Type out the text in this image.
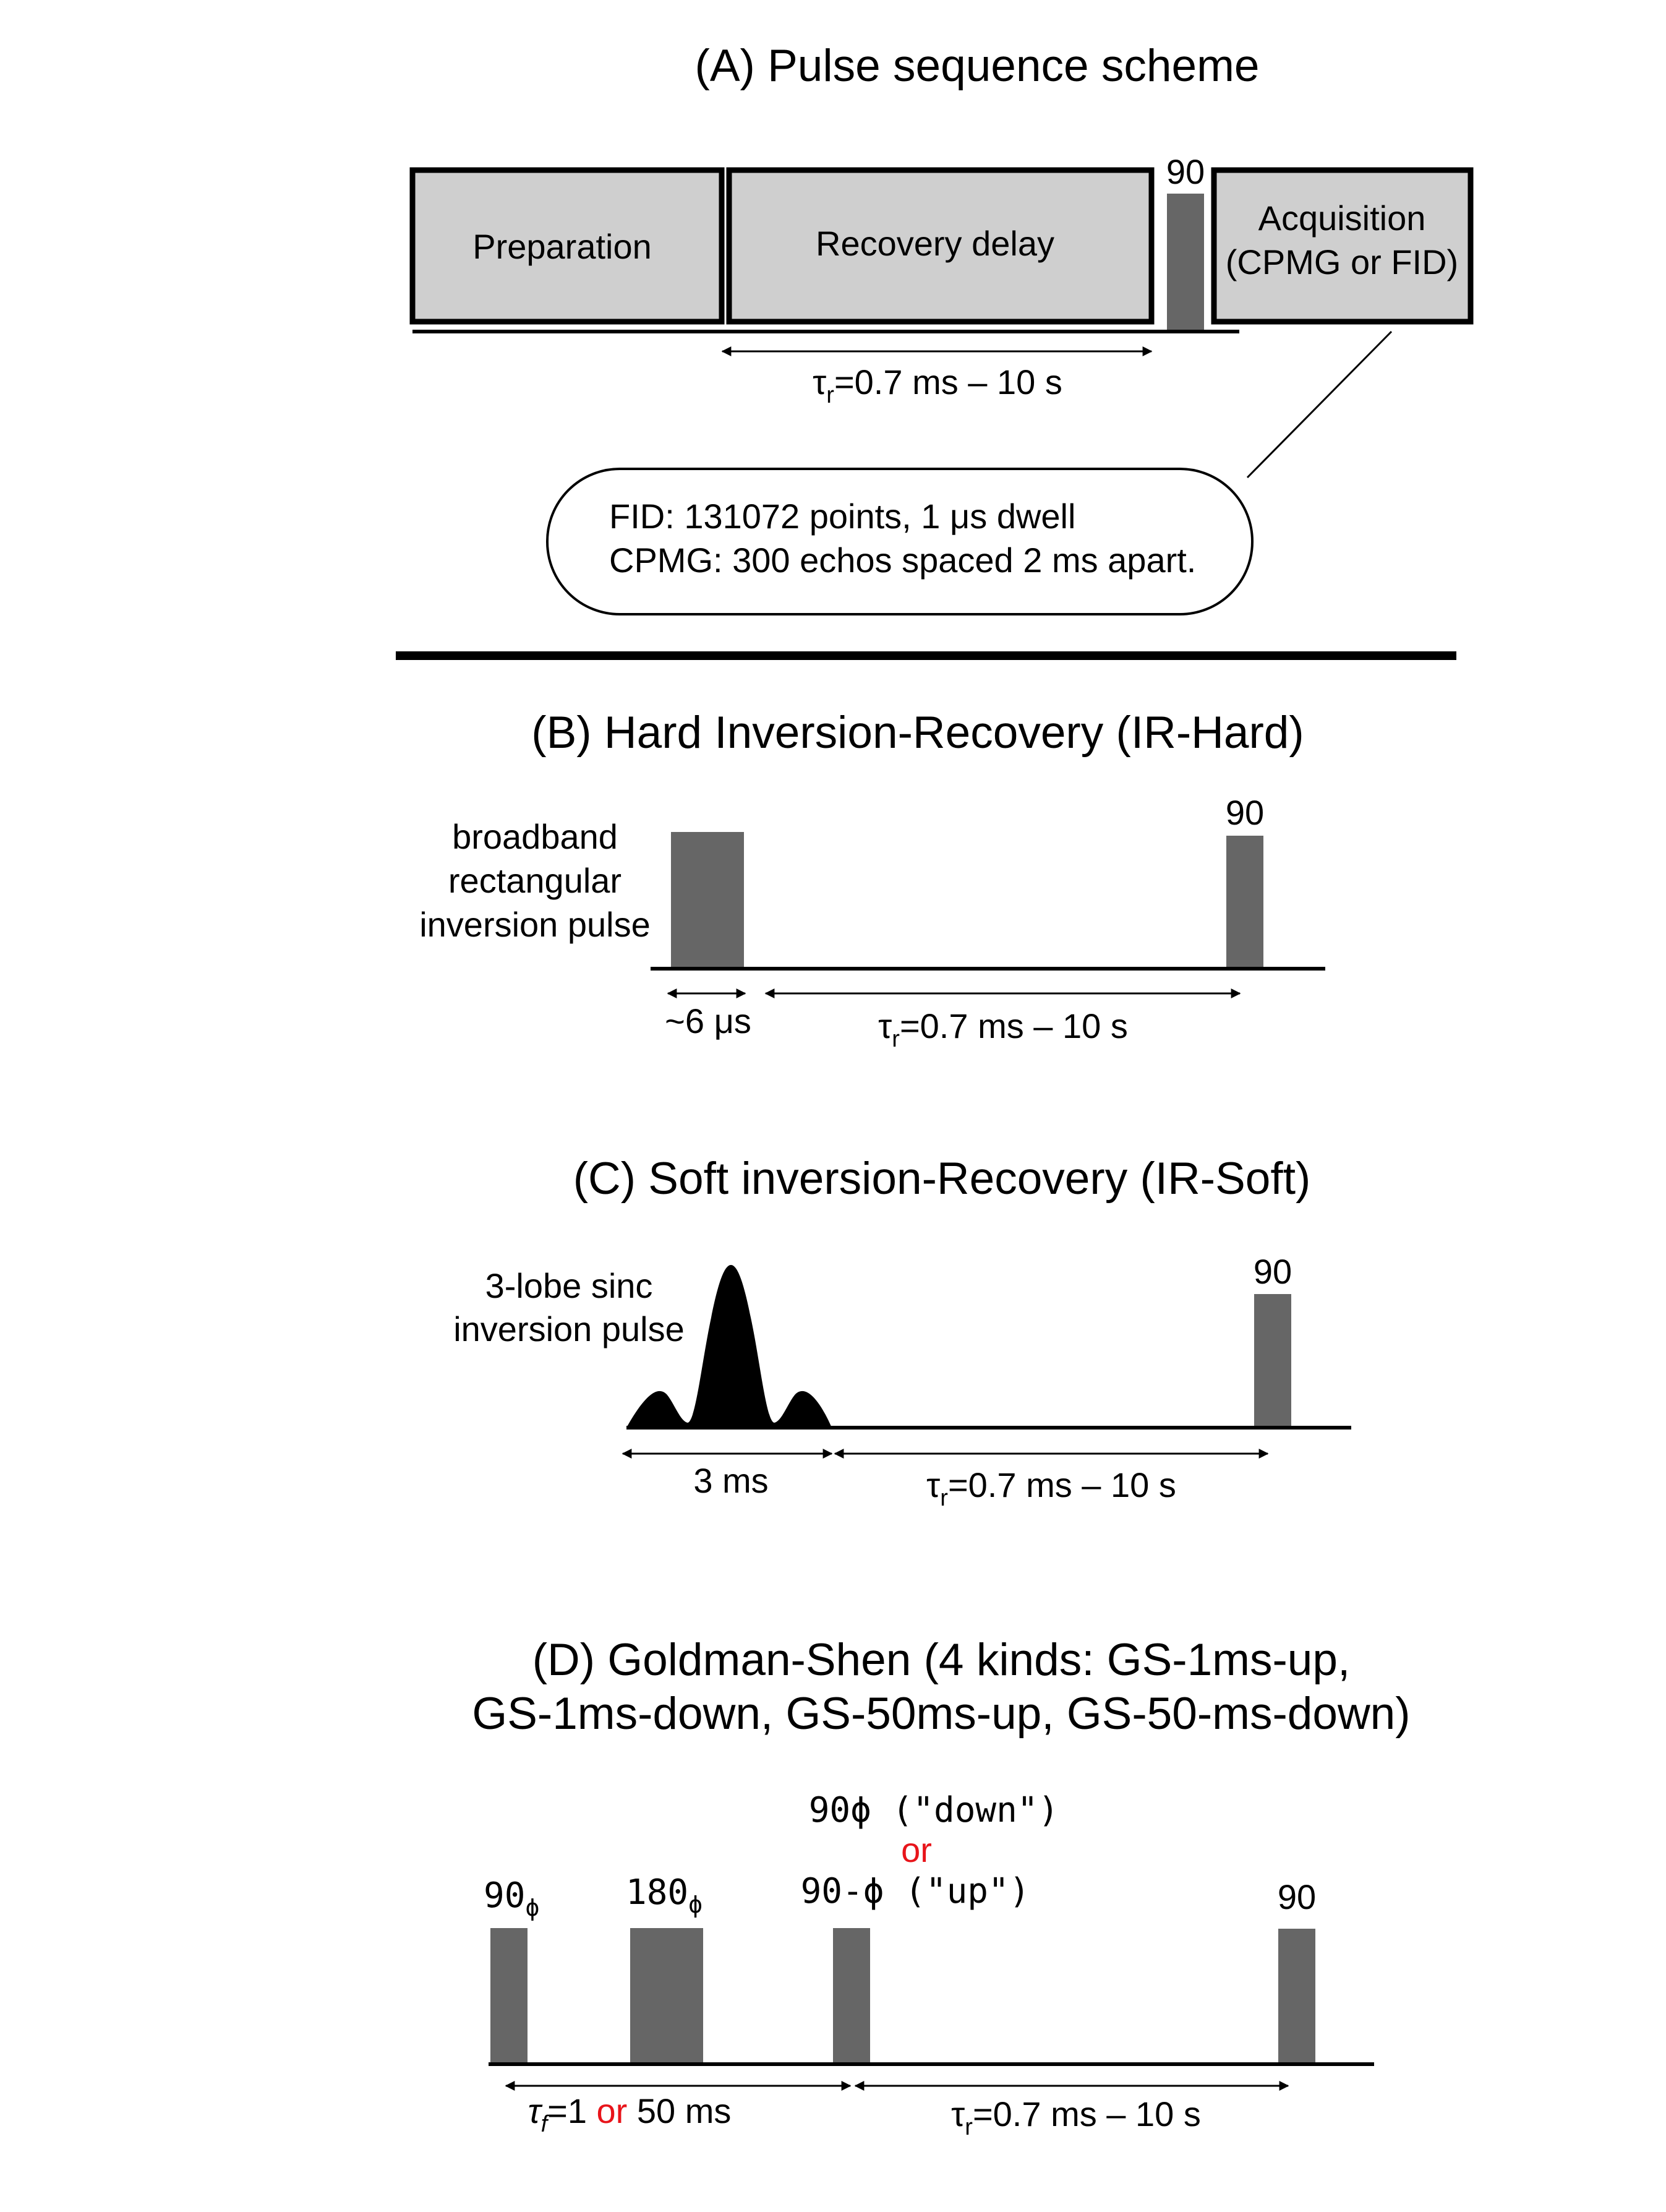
(A) Pulse sequence scheme
Preparation	Recovery delay
90
Acquisition
(CPMG or FID)
$\tau_r=0.7$ ms – 10 s
FID: 131072 points, 1 μs dwell
CPMG: 300 echos spaced 2 ms apart.
(B) Hard Inversion-Recovery (IR-Hard)
broadband
rectangular
inversion pulse
90
~6 μs	$\tau_r=0.7$ ms – 10 s
(C) Soft inversion-Recovery (IR-Soft)
3-lobe sinc
inversion pulse
90
3 ms	$\tau_r=0.7$ ms – 10 s
(D) Goldman-Shen (4 kinds: GS-1ms-up,
GS-1ms-down, GS-50ms-up, GS-50-ms-down)
90ϕ ("down")
or
90-ϕ ("up")
$90_\phi$ $180_\phi$	90
$\tau_f=1$ or 50 ms	$\tau_r=0.7$ ms – 10 s
